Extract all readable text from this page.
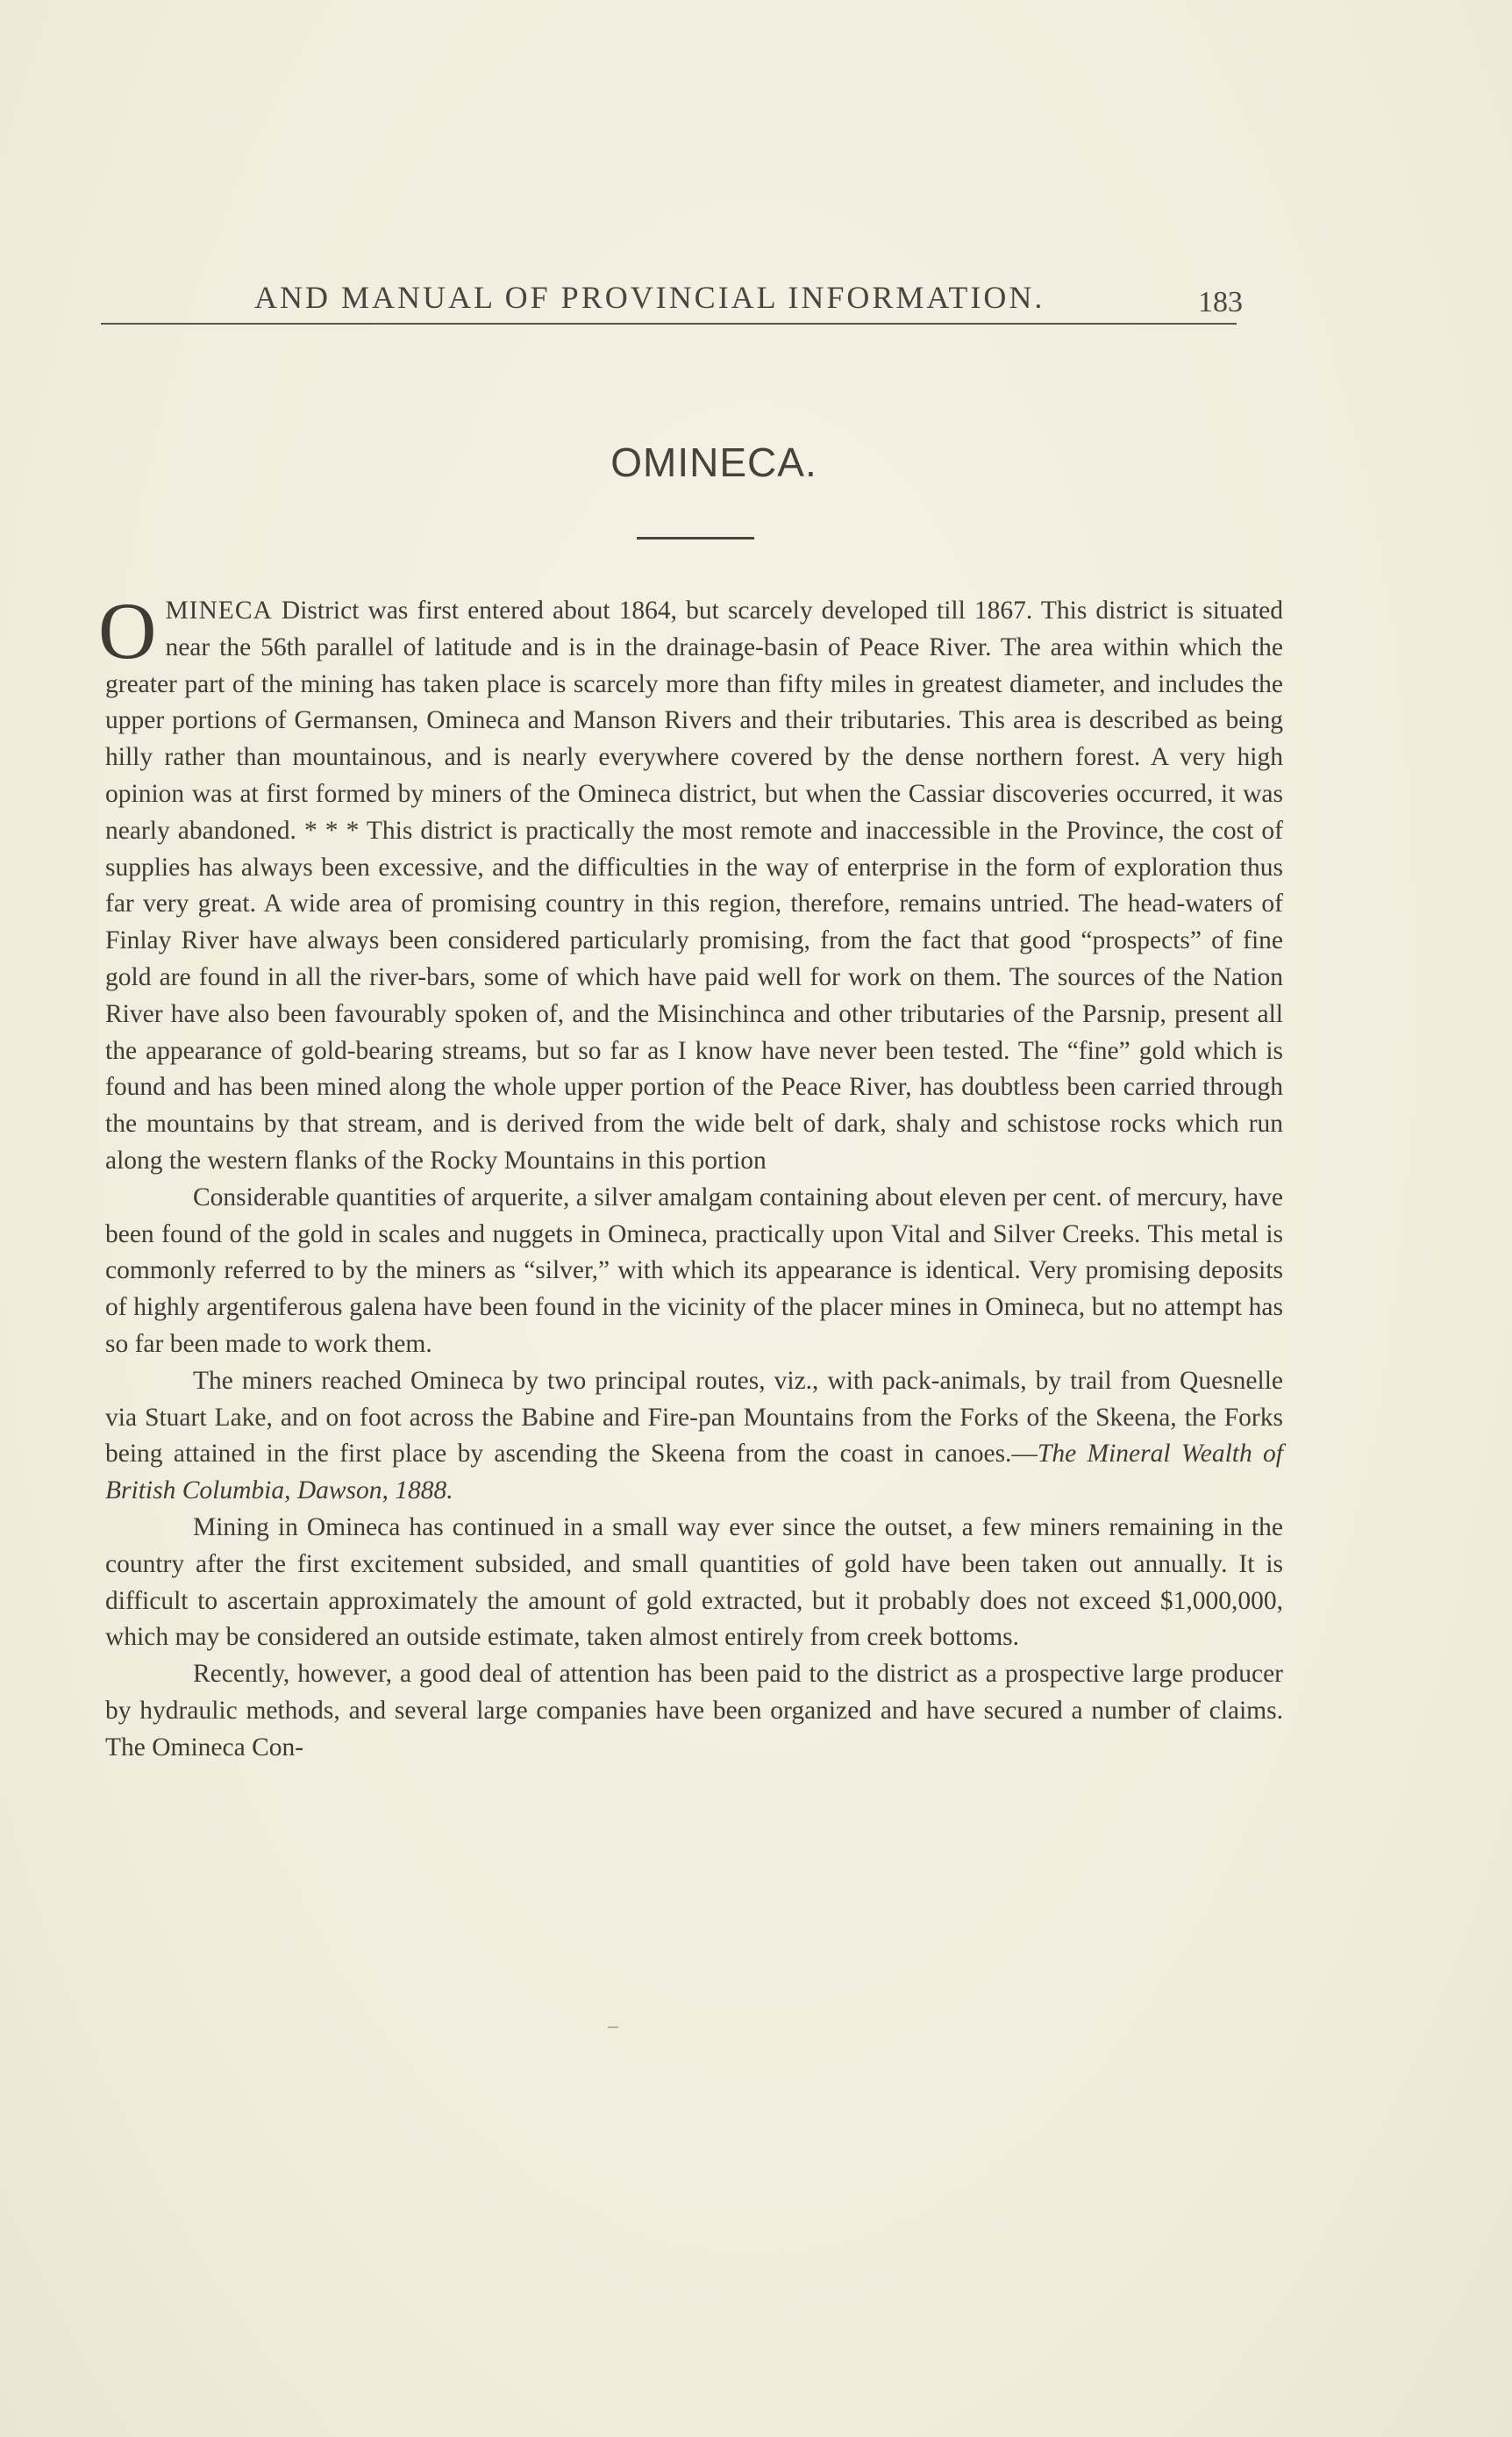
AND MANUAL OF PROVINCIAL INFORMATION.	183
OMINECA.

OMINECA District was first entered about 1864, but scarcely developed till 1867. This district is situated near the 56th parallel of latitude and is in the drainage-basin of Peace River. The area within which the greater part of the mining has taken place is scarcely more than fifty miles in greatest diameter, and includes the upper portions of Germansen, Omineca and Manson Rivers and their tributaries. This area is described as being hilly rather than mountainous, and is nearly everywhere covered by the dense northern forest. A very high opinion was at first formed by miners of the Omineca district, but when the Cassiar discoveries occurred, it was nearly abandoned. * * * This district is practically the most remote and inaccessible in the Province, the cost of supplies has always been excessive, and the difficulties in the way of enterprise in the form of exploration thus far very great. A wide area of promising country in this region, therefore, remains untried. The head-waters of Finlay River have always been considered particularly promising, from the fact that good “prospects” of fine gold are found in all the river-bars, some of which have paid well for work on them. The sources of the Nation River have also been favourably spoken of, and the Misinchinca and other tributaries of the Parsnip, present all the appearance of gold-bearing streams, but so far as I know have never been tested. The “fine” gold which is found and has been mined along the whole upper portion of the Peace River, has doubtless been carried through the mountains by that stream, and is derived from the wide belt of dark, shaly and schistose rocks which run along the western flanks of the Rocky Mountains in this portion

Considerable quantities of arquerite, a silver amalgam containing about eleven per cent. of mercury, have been found of the gold in scales and nuggets in Omineca, practically upon Vital and Silver Creeks. This metal is commonly referred to by the miners as “silver,” with which its appearance is identical. Very promising deposits of highly argentiferous galena have been found in the vicinity of the placer mines in Omineca, but no attempt has so far been made to work them.

The miners reached Omineca by two principal routes, viz., with pack-animals, by trail from Quesnelle via Stuart Lake, and on foot across the Babine and Fire-pan Mountains from the Forks of the Skeena, the Forks being attained in the first place by ascending the Skeena from the coast in canoes.—The Mineral Wealth of British Columbia, Dawson, 1888.

Mining in Omineca has continued in a small way ever since the outset, a few miners remaining in the country after the first excitement subsided, and small quantities of gold have been taken out annually. It is difficult to ascertain approximately the amount of gold extracted, but it probably does not exceed $1,000,000, which may be considered an outside estimate, taken almost entirely from creek bottoms.

Recently, however, a good deal of attention has been paid to the district as a prospective large producer by hydraulic methods, and several large companies have been organized and have secured a number of claims. The Omineca Con-
